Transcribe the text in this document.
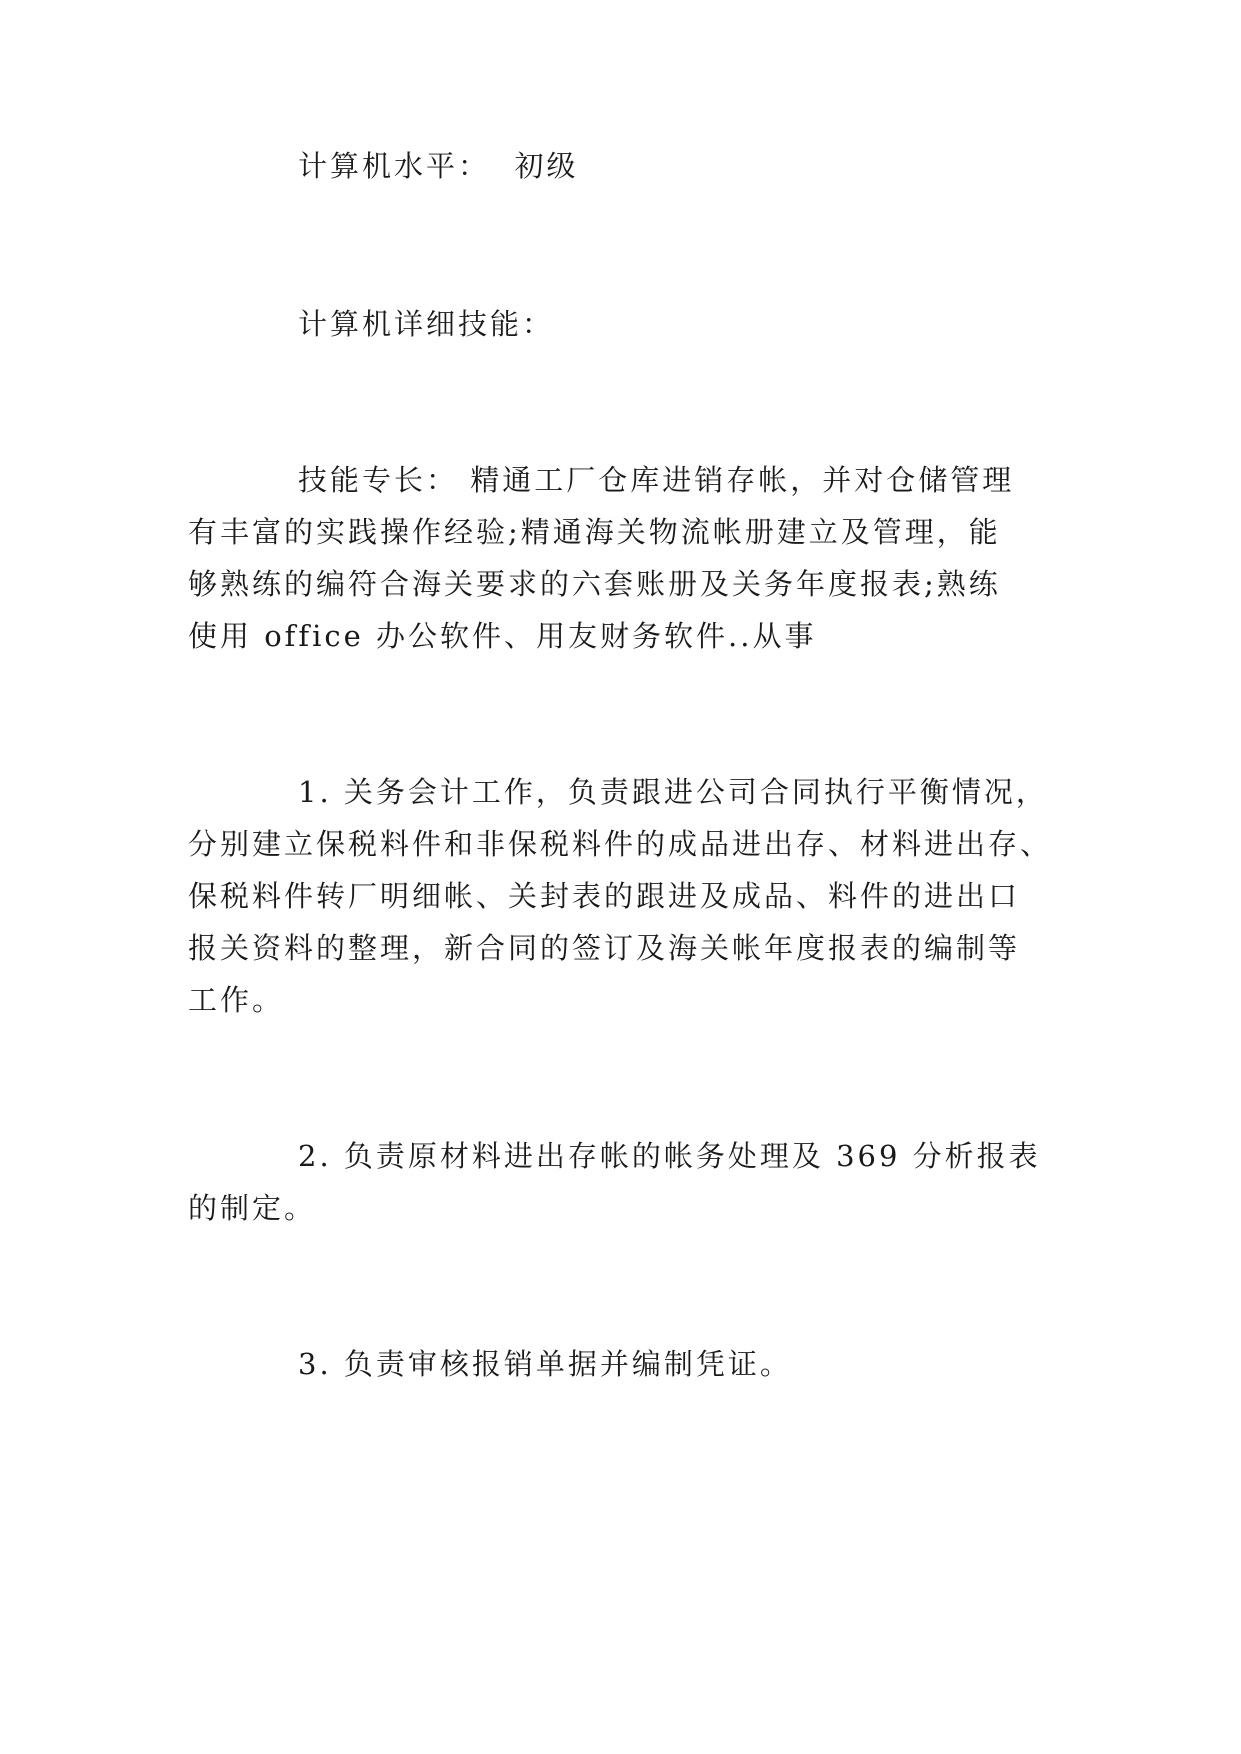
计算机水平： 初级

计算机详细技能：

技能专长： 精通工厂仓库进销存帐，并对仓储管理
有丰富的实践操作经验;精通海关物流帐册建立及管理，能
够熟练的编符合海关要求的六套账册及关务年度报表;熟练
使用 office 办公软件、用友财务软件..从事

1. 关务会计工作，负责跟进公司合同执行平衡情况，
分别建立保税料件和非保税料件的成品进出存、材料进出存、
保税料件转厂明细帐、关封表的跟进及成品、料件的进出口
报关资料的整理，新合同的签订及海关帐年度报表的编制等
工作。

2. 负责原材料进出存帐的帐务处理及 369 分析报表
的制定。

3. 负责审核报销单据并编制凭证。
